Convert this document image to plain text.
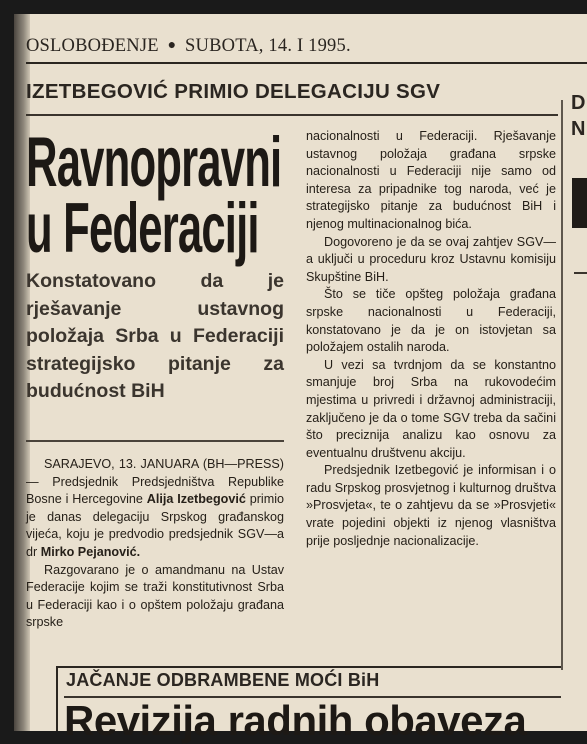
OSLOBOĐENJE ● SUBOTA, 14. I 1995.
IZETBEGOVIĆ PRIMIO DELEGACIJU SGV	D
N
Ravnopravni
u Federaciji
Konstatovano da je rješavanje ustavnog položaja Srba u Federaciji strategijsko pitanje za budućnost BiH

SARAJEVO, 13. JANUARA (BH—PRESS) — Predsjednik Predsjedništva Republike Bosne i Hercegovine Alija Izetbegović primio je danas delegaciju Srpskog građanskog vijeća, koju je predvodio predsjednik SGV—a dr Mirko Pejanović.

Razgovarano je o amandmanu na Ustav Federacije kojim se traži konstitutivnost Srba u Federaciji kao i o opštem položaju građana srpske

nacionalnosti u Federaciji. Rješavanje ustavnog položaja građana srpske nacionalnosti u Federaciji nije samo od interesa za pripadnike tog naroda, već je strategijsko pitanje za budućnost BiH i njenog multinacionalnog bića.

Dogovoreno je da se ovaj zahtjev SGV—a uključi u proceduru kroz Ustavnu komisiju Skupštine BiH.

Što se tiče opšteg položaja građana srpske nacionalnosti u Federaciji, konstatovano je da je on istovjetan sa položajem ostalih naroda.

U vezi sa tvrdnjom da se konstantno smanjuje broj Srba na rukovodećim mjestima u privredi i državnoj administraciji, zaključeno je da o tome SGV treba da sačini što preciznija analizu kao osnovu za eventualnu društvenu akciju.

Predsjednik Izetbegović je informisan i o radu Srpskog prosvjetnog i kulturnog društva »Prosvjeta«, te o zahtjevu da se »Prosvjeti« vrate pojedini objekti iz njenog vlasništva prije posljednje nacionalizacije.

JAČANJE ODBRAMBENE MOĆI BiH
Revizija radnih obaveza
